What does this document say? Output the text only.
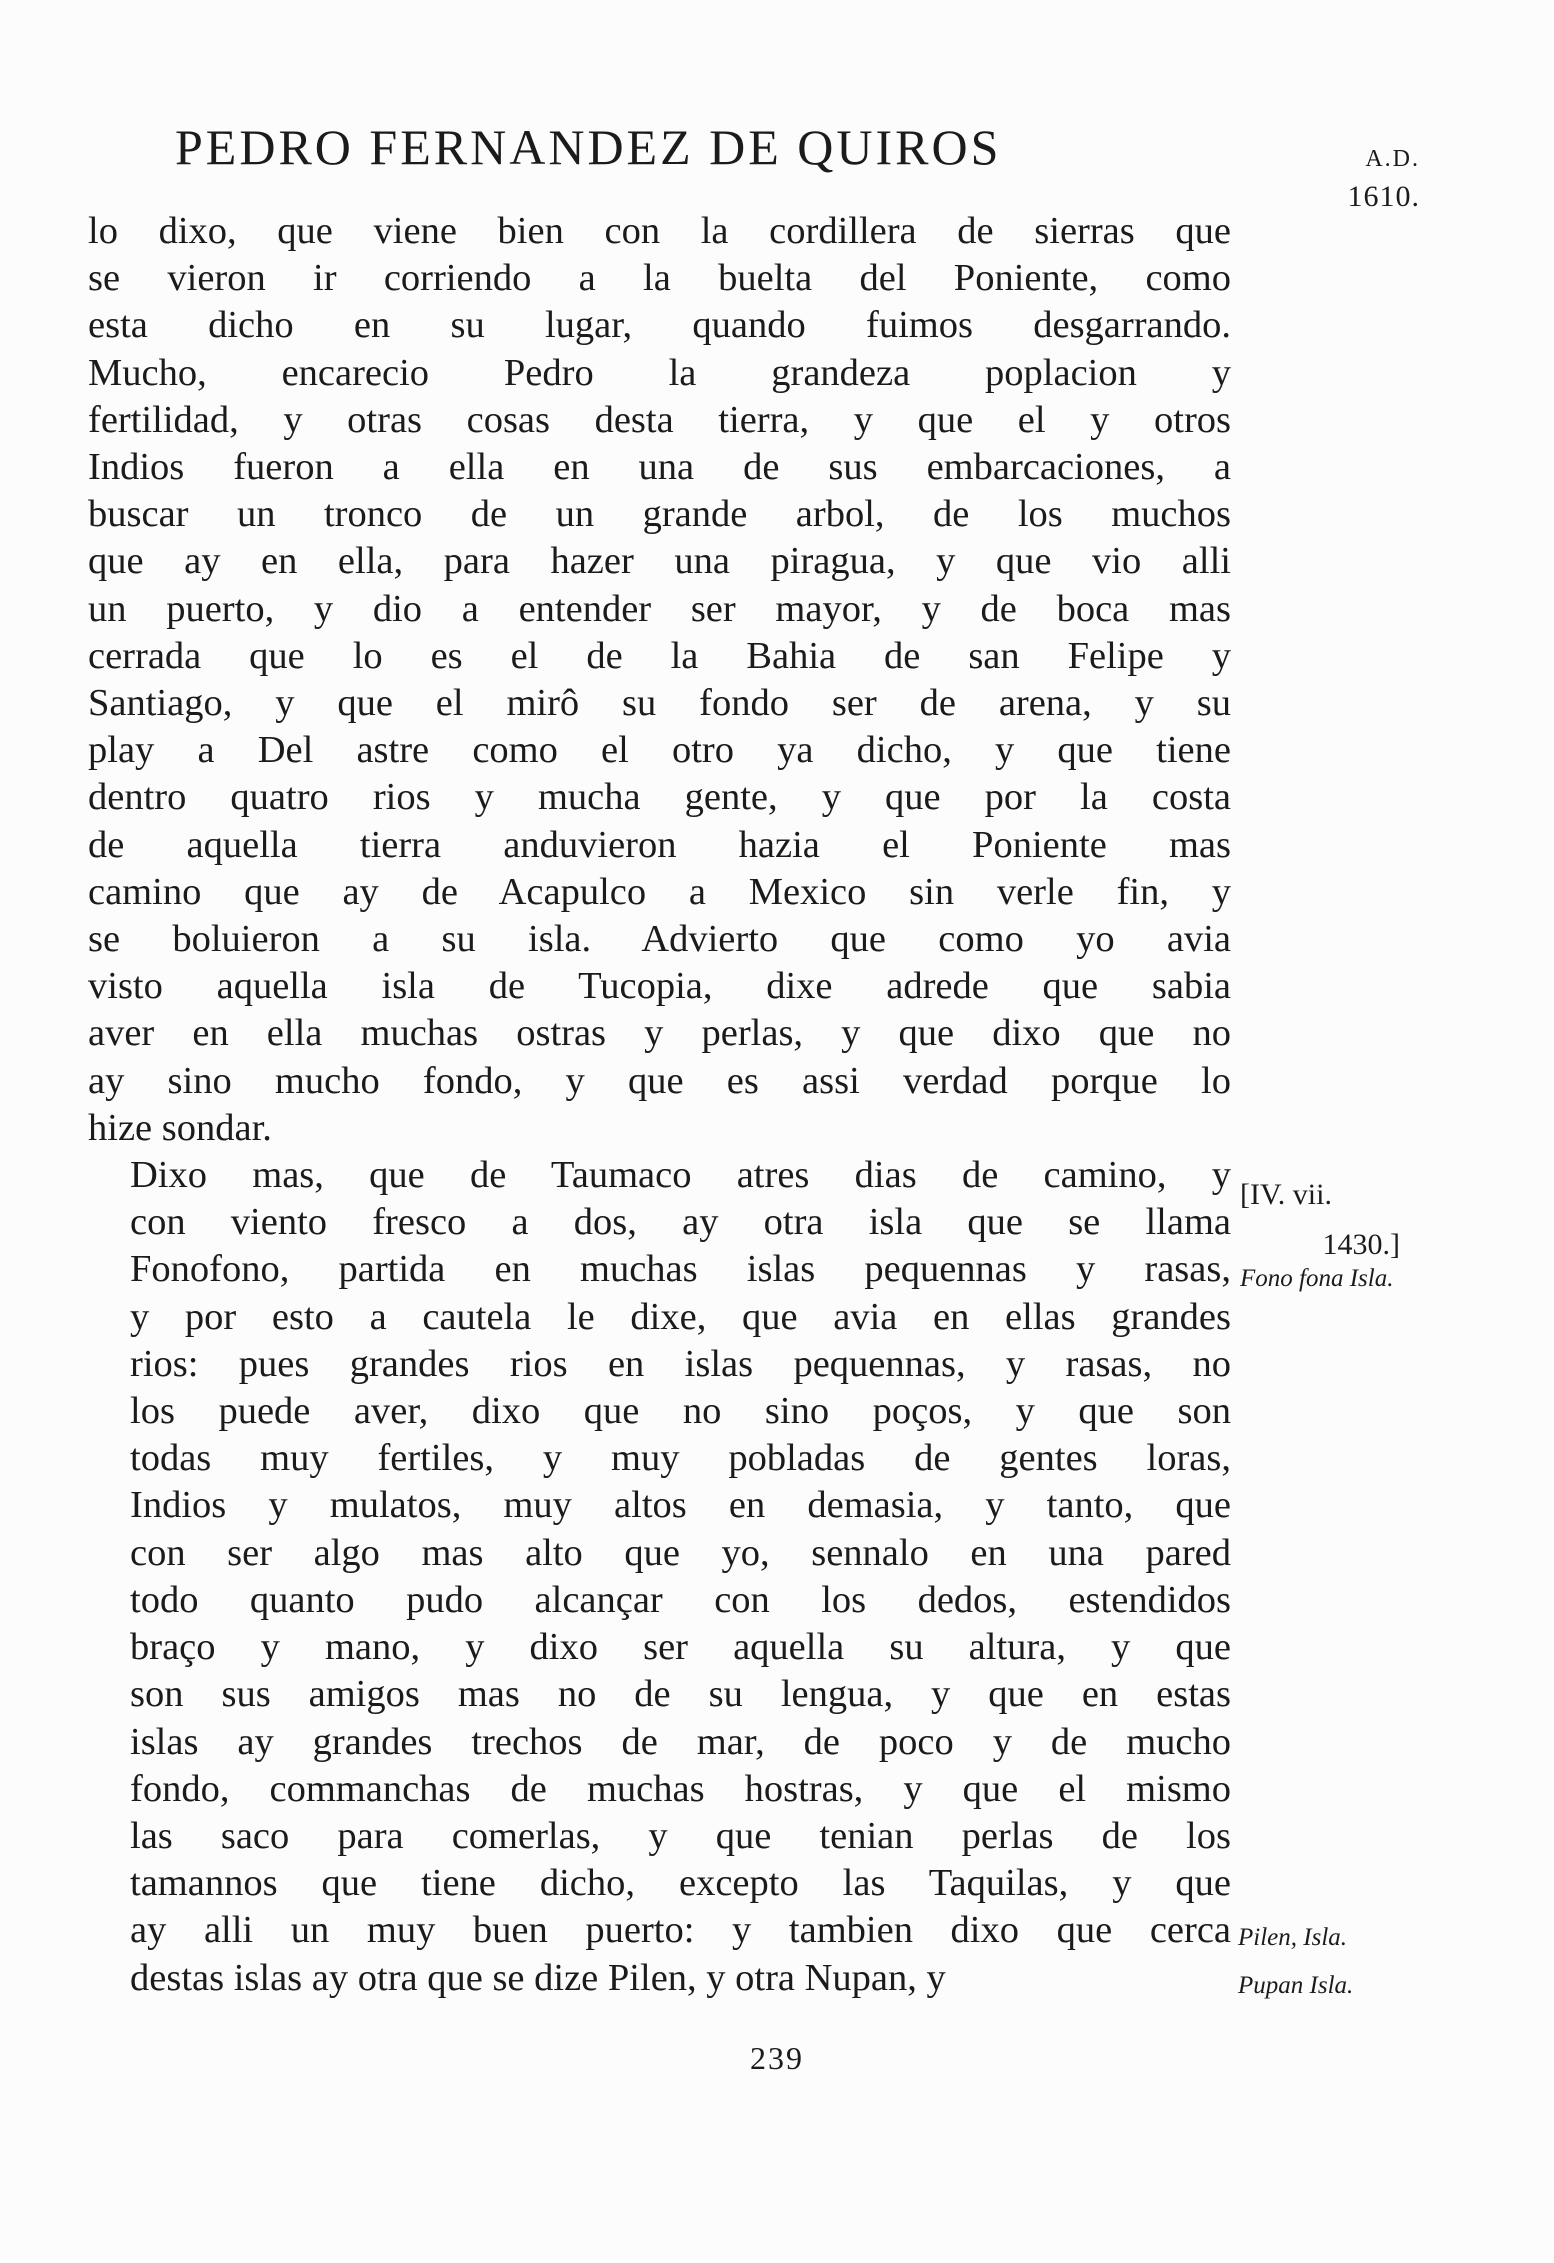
PEDRO FERNANDEZ DE QUIROS	A.D.
1610.
lo dixo, que viene bien con la cordillera de sierras que
se vieron ir corriendo a la buelta del Poniente, como
esta dicho en su lugar, quando fuimos desgarrando.
Mucho, encarecio Pedro la grandeza poplacion y
fertilidad, y otras cosas desta tierra, y que el y otros
Indios fueron a ella en una de sus embarcaciones, a
buscar un tronco de un grande arbol, de los muchos
que ay en ella, para hazer una piragua, y que vio alli
un puerto, y dio a entender ser mayor, y de boca mas
cerrada que lo es el de la Bahia de san Felipe y
Santiago, y que el mirô su fondo ser de arena, y su
play a Del astre como el otro ya dicho, y que tiene
dentro quatro rios y mucha gente, y que por la costa
de aquella tierra anduvieron hazia el Poniente mas
camino que ay de Acapulco a Mexico sin verle fin, y
se boluieron a su isla. Advierto que como yo avia
visto aquella isla de Tucopia, dixe adrede que sabia
aver en ella muchas ostras y perlas, y que dixo que no
ay sino mucho fondo, y que es assi verdad porque lo
hize sondar.
Dixo mas, que de Taumaco atres dias de camino, y
con viento fresco a dos, ay otra isla que se llama
Fonofono, partida en muchas islas pequennas y rasas,
y por esto a cautela le dixe, que avia en ellas grandes
rios: pues grandes rios en islas pequennas, y rasas, no
los puede aver, dixo que no sino poços, y que son
todas muy fertiles, y muy pobladas de gentes loras,
Indios y mulatos, muy altos en demasia, y tanto, que
con ser algo mas alto que yo, sennalo en una pared
todo quanto pudo alcançar con los dedos, estendidos
braço y mano, y dixo ser aquella su altura, y que
son sus amigos mas no de su lengua, y que en estas
islas ay grandes trechos de mar, de poco y de mucho
fondo, commanchas de muchas hostras, y que el mismo
las saco para comerlas, y que tenian perlas de los
tamannos que tiene dicho, excepto las Taquilas, y que
ay alli un muy buen puerto: y tambien dixo que cerca
destas islas ay otra que se dize Pilen, y otra Nupan, y
[IV. vii.
1430.]
Fono fona Isla.
Pilen, Isla.
Pupan Isla.
239
